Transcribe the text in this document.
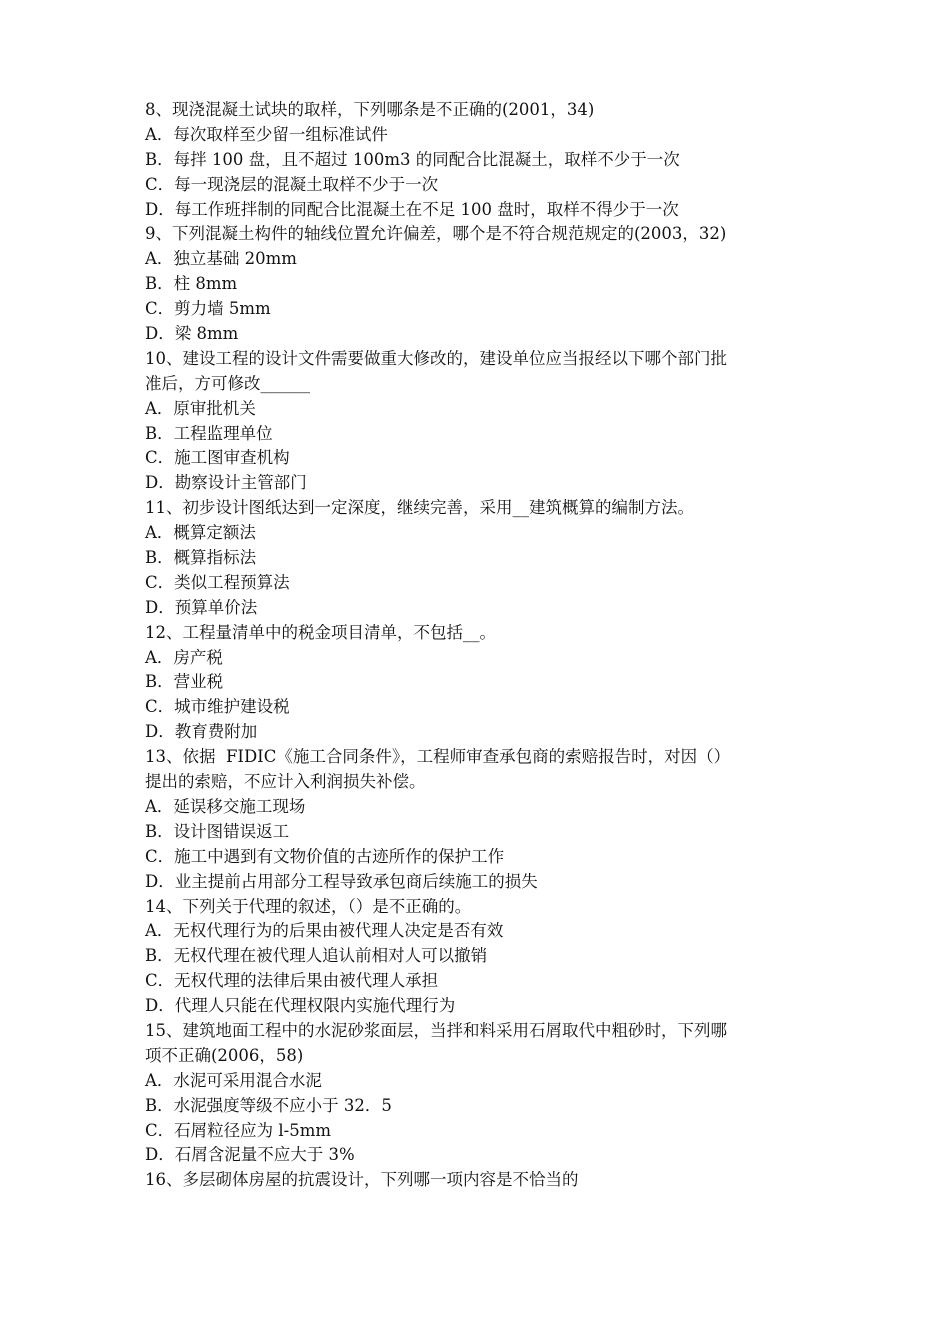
8、现浇混凝土试块的取样，下列哪条是不正确的(2001，34)
A．每次取样至少留一组标准试件
B．每拌 100 盘，且不超过 100m3 的同配合比混凝土，取样不少于一次
C．每一现浇层的混凝土取样不少于一次
D．每工作班拌制的同配合比混凝土在不足 100 盘时，取样不得少于一次
9、下列混凝土构件的轴线位置允许偏差，哪个是不符合规范规定的(2003，32)
A．独立基础 20mm
B．柱 8mm
C．剪力墙 5mm
D．梁 8mm
10、建设工程的设计文件需要做重大修改的，建设单位应当报经以下哪个部门批
准后，方可修改______
A．原审批机关
B．工程监理单位
C．施工图审查机构
D．勘察设计主管部门
11、初步设计图纸达到一定深度，继续完善，采用__建筑概算的编制方法。
A．概算定额法
B．概算指标法
C．类似工程预算法
D．预算单价法
12、工程量清单中的税金项目清单，不包括__。
A．房产税
B．营业税
C．城市维护建设税
D．教育费附加
13、依据  FIDIC《施工合同条件》，工程师审查承包商的索赔报告时，对因（）
提出的索赔，不应计入利润损失补偿。
A．延误移交施工现场
B．设计图错误返工
C．施工中遇到有文物价值的古迹所作的保护工作
D．业主提前占用部分工程导致承包商后续施工的损失
14、下列关于代理的叙述，（）是不正确的。
A．无权代理行为的后果由被代理人决定是否有效
B．无权代理在被代理人追认前相对人可以撤销
C．无权代理的法律后果由被代理人承担
D．代理人只能在代理权限内实施代理行为
15、建筑地面工程中的水泥砂浆面层，当拌和料采用石屑取代中粗砂时，下列哪
项不正确(2006，58)
A．水泥可采用混合水泥
B．水泥强度等级不应小于 32．5
C．石屑粒径应为 l-5mm
D．石屑含泥量不应大于 3%
16、多层砌体房屋的抗震设计，下列哪一项内容是不恰当的
